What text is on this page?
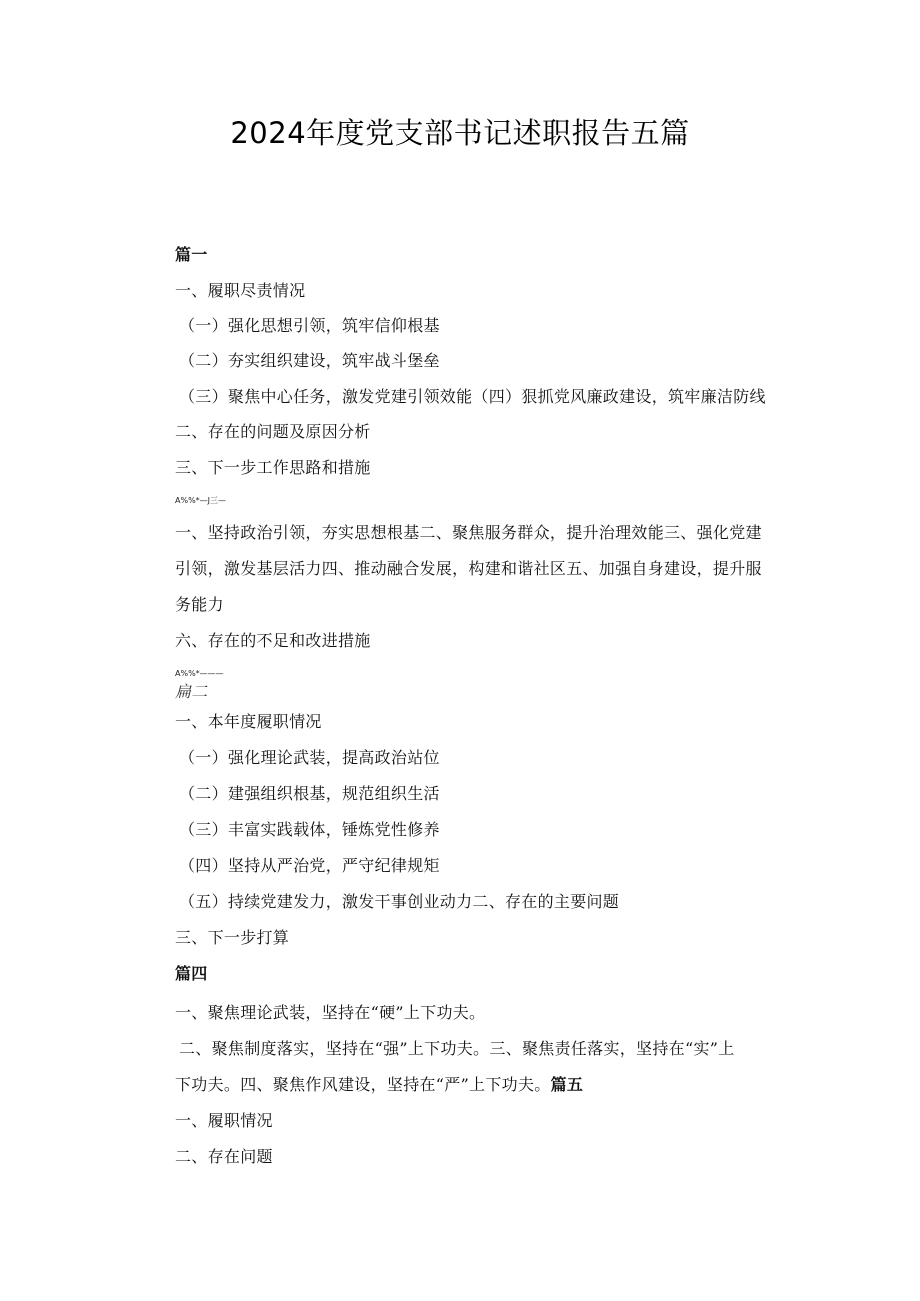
2024年度党支部书记述职报告五篇
篇一
一、履职尽责情况
（一）强化思想引领，筑牢信仰根基
（二）夯实组织建设，筑牢战斗堡垒
（三）聚焦中心任务，激发党建引领效能（四）狠抓党风廉政建设，筑牢廉洁防线
二、存在的问题及原因分析
三、下一步工作思路和措施
A%%*—J三—
一、坚持政治引领，夯实思想根基二、聚焦服务群众，提升治理效能三、强化党建
引领，激发基层活力四、推动融合发展，构建和谐社区五、加强自身建设，提升服
务能力
六、存在的不足和改进措施
A%%*———
扁二
一、本年度履职情况
（一）强化理论武装，提高政治站位
（二）建强组织根基，规范组织生活
（三）丰富实践载体，锤炼党性修养
（四）坚持从严治党，严守纪律规矩
（五）持续党建发力，激发干事创业动力二、存在的主要问题
三、下一步打算
篇四
一、聚焦理论武装，坚持在“硬”上下功夫。
二、聚焦制度落实，坚持在“强”上下功夫。三、聚焦责任落实，坚持在“实”上
下功夫。四、聚焦作风建设，坚持在“严”上下功夫。篇五
一、履职情况
二、存在问题
